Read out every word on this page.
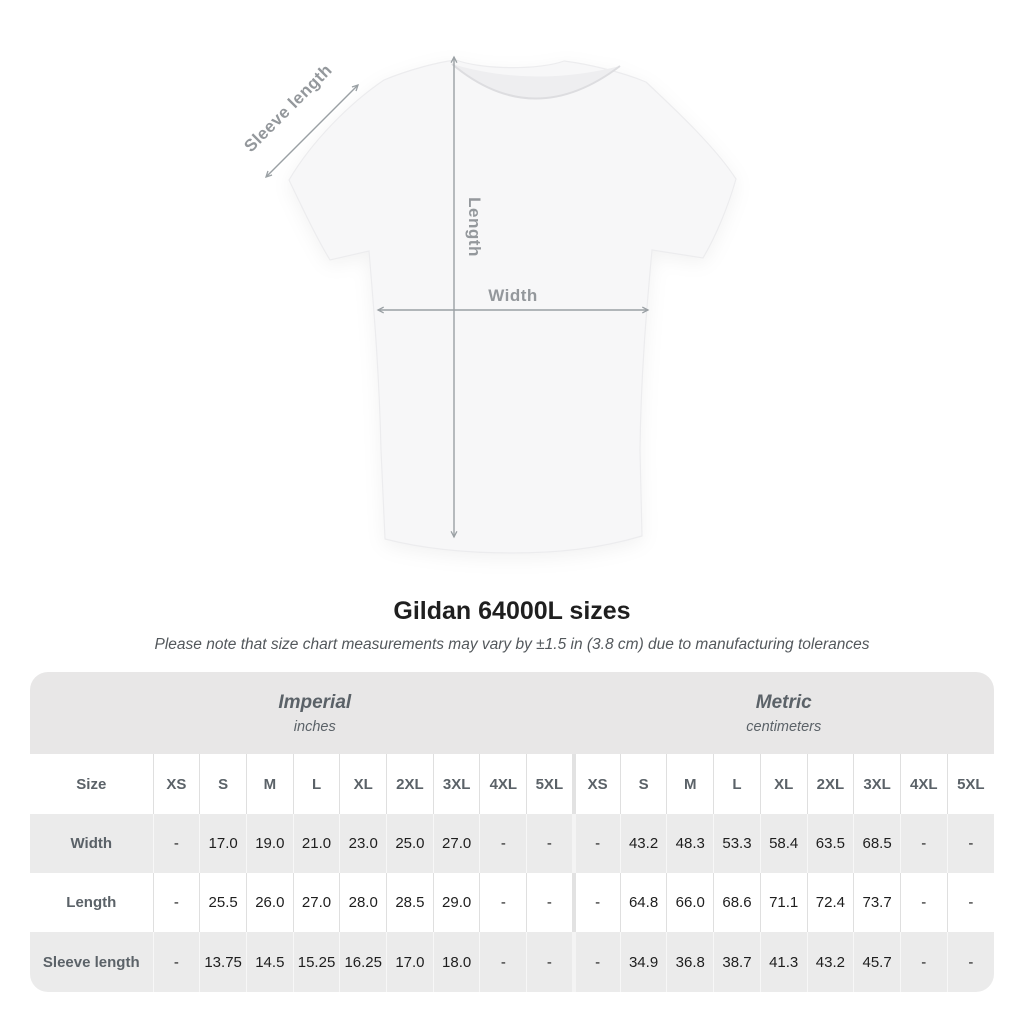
Sleeve length
Length
Width
Gildan 64000L sizes
Please note that size chart measurements may vary by ±1.5 in (3.8 cm) due to manufacturing tolerances
Imperial
inches

Metric
centimeters

Size	XS	S	M	L	XL	2XL	3XL	4XL	5XL	XS	S	M	L	XL	2XL	3XL	4XL	5XL
Width	-	17.0	19.0	21.0	23.0	25.0	27.0	-	-	-	43.2	48.3	53.3	58.4	63.5	68.5	-	-
Length	-	25.5	26.0	27.0	28.0	28.5	29.0	-	-	-	64.8	66.0	68.6	71.1	72.4	73.7	-	-
Sleeve length	-	13.75	14.5	15.25	16.25	17.0	18.0	-	-	-	34.9	36.8	38.7	41.3	43.2	45.7	-	-
